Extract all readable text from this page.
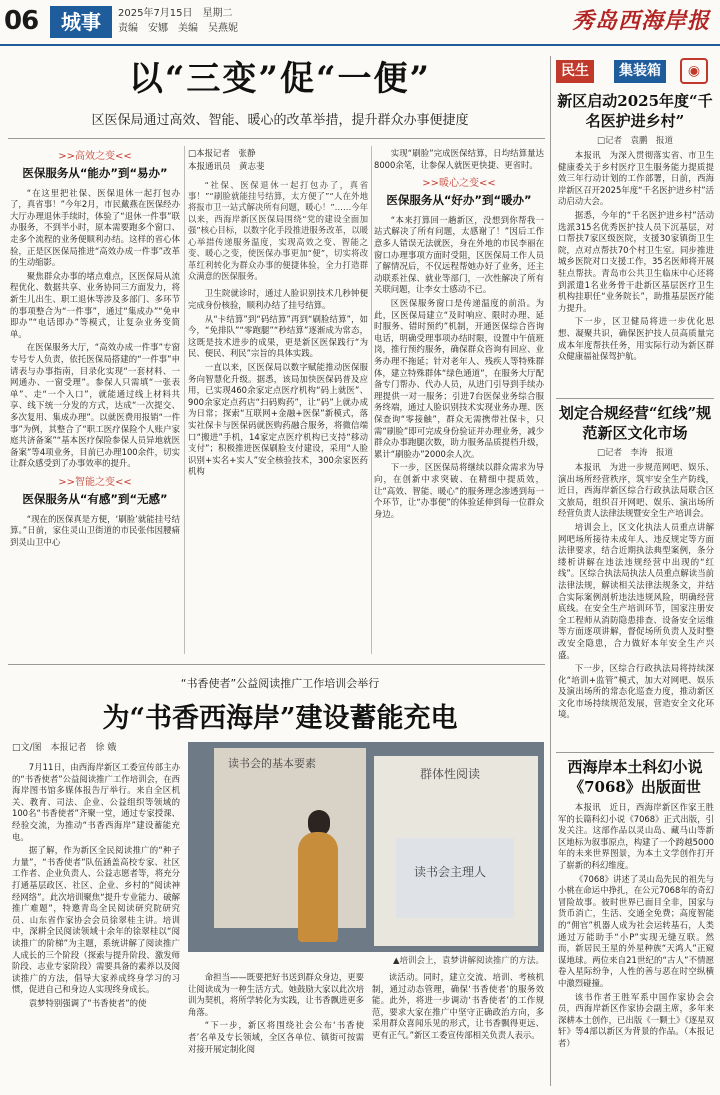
06	城事	2025年7月15日　星期二
责编　安娜　美编　吴燕妮	秀岛西海岸报
以“三变”促“一便”
区医保局通过高效、智能、暖心的改革举措，提升群众办事便捷度
>>高效之变<<
医保服务从“能办”到“易办”

“在这里把社保、医保退休一起打包办了，真省事！”今年2月，市民戴燕在医保经办大厅办理退休手续时，体验了“退休一件事”联办服务，不到半小时，原本需要跑多个窗口、走多个流程的业务便顺利办结。这样的省心体验，正是区医保局推进“高效办成一件事”改革的生动缩影。

聚焦群众办事的堵点难点，区医保局从流程优化、数据共享、业务协同三方面发力，将新生儿出生、职工退休等涉及多部门、多环节的事项整合为“一件事”，通过“集成办”“免申即办”“电话即办”等模式，让复杂业务变简单。

在医保服务大厅，“高效办成一件事”专窗专号专人负责，依托医保局搭建的“一件事”申请表与办事指南，目录化实现“一套材料、一网通办、一窗受理”。参保人只需填“一张表单”、走“一个入口”，就能通过线上材料共享、线下统一分发的方式，达成“一次提交、多次复用、集成办理”。以就医费用报销“一件事”为例，其整合了“职工医疗保险个人账户家庭共济备案”“基本医疗保险参保人员异地就医备案”等4项业务，目前已办理100余件，切实让群众感受到了办事效率的提升。

>>智能之变<<
医保服务从“有感”到“无感”

“现在的医保真是方便，‘刷脸’就能挂号结算。”日前，家住灵山卫街道的市民张伟因腰痛到灵山卫中心

□本报记者　张静
本报通讯员　黄志斐
“社保、医保退休一起打包办了，真省事！”“刷脸就能挂号结算，太方便了”“人在外地将报市卫一站式解决所有问题，暖心！”……今年以来，西海岸新区医保局围绕“党的建设全面加强”核心目标，以数字化手段推进服务改革，以暖心举措传递服务温度，实现高效之变、智能之变、暖心之变，使医保办事更加“便”，切实将改革红利转化为群众办事的便捷体验，全力打造群众满意的医保服务。

卫生院就诊时，通过人脸识别技术几秒钟便完成身份核验，顺利办结了挂号结算。

从“卡结算”到“码结算”再到“刷脸结算”，如今，“免排队”“零跑腿”“秒结算”逐渐成为常态，这既是技术进步的成果，更是新区医保践行“为民、便民、利民”宗旨的具体实践。

一直以来，区医保局以数字赋能推动医保服务向智慧化升级。据悉，该局加快医保码普及应用，已实现460余家定点医疗机构“码上就医”、900余家定点药店“扫码购药”，让“码”上就办成为日常；探索“互联网+金融+医保”新模式，落实社保卡与医保码就医购药融合服务，将微信端口“搬进”手机，14家定点医疗机构已支持“移动支付”；积极推进医保刷脸支付建设，采用“人脸识别+实名+实人”安全核验技术，300余家医药机构

实现“刷脸”完成医保结算，日均结算量达8000余笔，让参保人就医更快捷、更省时。

>>暖心之变<<
医保服务从“好办”到“暖办”

“本来打算回一趟新区，没想到你帮我一站式解决了所有问题，太感谢了！”因后工作意多人错误无法就医，身在外地的市民李丽在窗口办理事项方面时受阻，区医保局工作人员了解情况后，不仅远程帮她办好了业务，还主动联系社保、就业等部门，一次性解决了所有关联问题，让李女士感动不已。

区医保服务窗口是传递温度的前沿。为此，区医保局建立“及时响应、限时办理、延时服务、错时预约”机制，开通医保综合咨询电话，明确受理事项办结时限，设置中午值班岗，推行预约服务，确保群众咨询有回应、业务办理不拖延；针对老年人、残疾人等特殊群体，建立特殊群体“绿色通道”，在服务大厅配备专门帮办、代办人员，从进门引导到手续办理提供一对一服务；引进7台医保业务综合服务终端，通过人脸识别技术实现业务办理、医保查询“零接触”，群众无需携带社保卡，只需“刷脸”即可完成身份验证并办理业务，减少群众办事跑腿次数，助力服务品质提档升级，累计“刷脸办”2000余人次。

下一步，区医保局将继续以群众需求为导向，在创新中求突破、在精细中提质效，让“高效、智能、暖心”的服务理念渗透到每一个环节，让“办事便”的体验延伸到每一位群众身边。

“书香使者”公益阅读推广工作培训会举行
为“书香西海岸”建设蓄能充电
□文/图　本报记者　徐 娥

7月11日，由西海岸新区工委宣传部主办的“书香使者”公益阅读推广工作培训会，在西海岸图书馆多媒体报告厅举行。来自全区机关、教育、司法、企业、公益组织等领域的100名“书香使者”齐聚一堂，通过专家授课、经验交流，为推动“书香西海岸”建设蓄能充电。

据了解，作为新区全民阅读推广的“种子力量”，“书香使者”队伍涵盖高校专家、社区工作者、企业负责人、公益志愿者等，将充分打通基层政区、社区、企业、乡村的“阅读神经网络”。此次培训聚焦“提升专业能力、破解推广难题”，特邀青岛全民阅读研究院研究员、山东省作家协会会员徐翠桂主讲。培训中，深耕全民阅读领域十余年的徐翠桂以“阅读推广的阶梯”为主题，系统讲解了阅读推广人成长的三个阶段（探索与提升阶段、激发师阶段、志业专家阶段）需要具备的素养以及阅读推广的方法，倡导大家养成终身学习的习惯，促进自己和身边人实现终身成长。

袁梦特别强调了“书香使者”的使

读书会的基本要素
群体性阅读
读书会主理人
▲培训会上，袁梦讲解阅读推广的方法。

命担当——既要把好书送到群众身边，更要让阅读成为一种生活方式。她鼓励大家以此次培训为契机，将所学转化为实践，让书香飘进更多角落。

“下一步，新区将围绕社会公布‘书香使者’名单及专长领域，全区各单位、镇街可按需对接开展定制化阅

读活动。同时，建立交流、培训、考核机制，通过动态管理，确保‘书香使者’的服务效能。此外，将进一步调动‘书香使者’的工作规范，要求大家在推广中坚守正确政治方向，多采用群众喜闻乐见的形式，让书香飘得更远、更有正气。”新区工委宣传部相关负责人表示。

民生	集装箱	◉
新区启动2025年度“千名医护进乡村”
□记者　袁鹏　报道

本报讯　为深入贯彻落实省、市卫生健康委关于乡村医疗卫生服务能力提质提效三年行动计划的工作部署，日前，西海岸新区召开2025年度“千名医护进乡村”活动启动大会。

据悉，今年的“千名医护进乡村”活动选派315名优秀医护技人员下沉基层，对口帮扶7家区级医院，支援30家镇街卫生院，点对点帮扶70个村卫生室。同步推进城乡医院对口支援工作，35名医师将开展驻点帮扶。青岛市公共卫生临床中心还将到派遣1名业务骨干赴新区基层医疗卫生机构挂职任“业务院长”，助推基层医疗能力提升。

下一步，区卫健局将进一步优化思想、凝聚共识，确保医护技人员高质量完成本年度帮扶任务，用实际行动为新区群众健康福祉保驾护航。

划定合规经营“红线”规范新区文化市场
□记者　李涛　报道

本报讯　为进一步规范网吧、娱乐、演出场所经营秩序，筑牢安全生产防线，近日，西海岸新区综合行政执法局联合区文旅局，组织召开网吧、娱乐、演出场所经营负责人法律法规暨安全生产培训会。

培训会上，区文化执法人员重点讲解网吧场所接待未成年人、违反规定等方面法律要求，结合近期执法典型案例，条分缕析讲解在违法违规经营中出现的“红线”。区综合执法局执法人员重点解读当前法律法规，解读相关法律法规条文，并结合实际案例剖析违法违规风险，明确经营底线。在安全生产培训环节，国家注册安全工程师从消防隐患排查、设备安全运维等方面逐项讲解，督促场所负责人及时整改安全隐患，合力做好本年安全生产兴盛。

下一步，区综合行政执法局将持续深化“培训+监管”模式，加大对网吧、娱乐及演出场所的常态化巡查力度，推动新区文化市场持续规范发展，营造安全文化环境。

西海岸本土科幻小说《7068》出版面世

本报讯　近日，西海岸新区作家王胜军的长篇科幻小说《7068》正式出版，引发关注。这部作品以灵山岛、藏马山等新区地标为叙事原点，构建了一个跨越5000年的未来世界图景，为本土文学创作打开了崭新的科幻维度。

《7068》讲述了灵山岛先民的祖先与小桃在命运中挣扎，在公元7068年的奇幻冒险故事。彼时世界已面目全非，国家与货币消亡，生活、交通全免费；高度智能的“佣官”机器人成为社会运转基石，人类通过万能助手“小P”实现无缝互联。然而，新居民王星的外星种族“天鸿人”正窥谋地球。两位来自21世纪的“古人”不情愿卷入星际纷争，人性的善与恶在时空纵横中激烈碰撞。

该书作者王胜军系中国作家协会会员，西海岸新区作家协会副主席，多年来深耕本土创作，已出版《一颗土》《逐星双轩》等4部以新区为背景的作品。（本报记者）
